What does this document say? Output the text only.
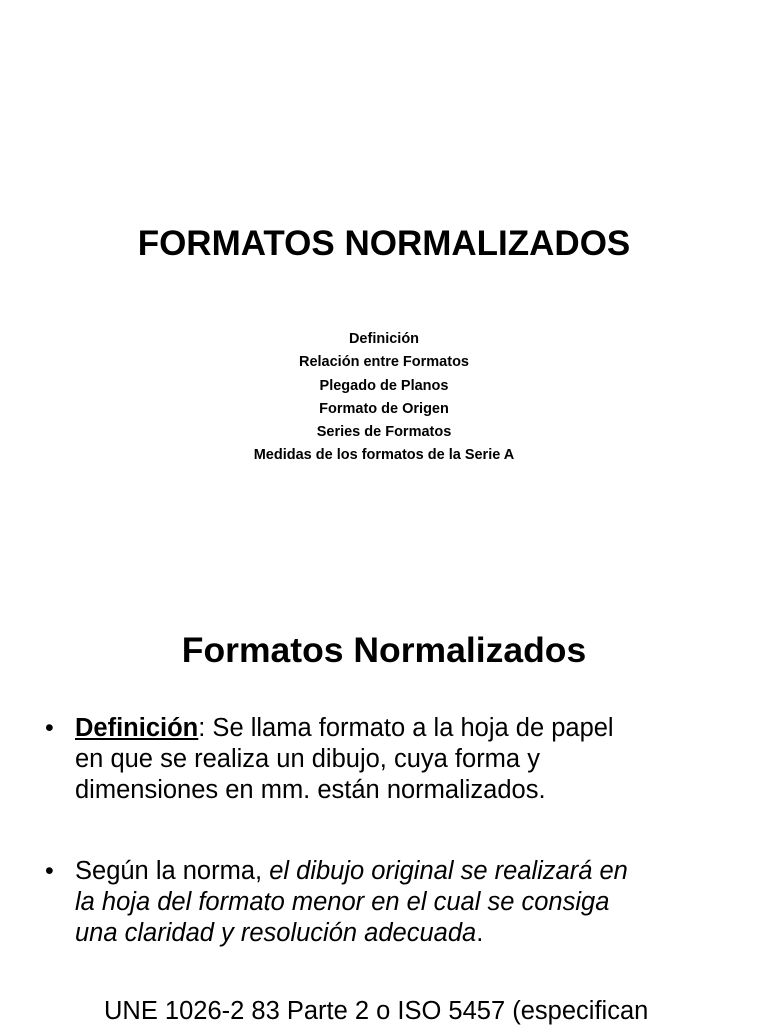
FORMATOS NORMALIZADOS
Definición
Relación entre Formatos
Plegado de Planos
Formato de Origen
Series de Formatos
Medidas de los formatos de la Serie A
Formatos Normalizados
• Definición: Se llama formato a la hoja de papel
en que se realiza un dibujo, cuya forma y
dimensiones en mm. están normalizados.
• Según la norma, el dibujo original se realizará en
la hoja del formato menor en el cual se consiga
una claridad y resolución adecuada.
UNE 1026-2 83 Parte 2 o ISO 5457 (especifican
